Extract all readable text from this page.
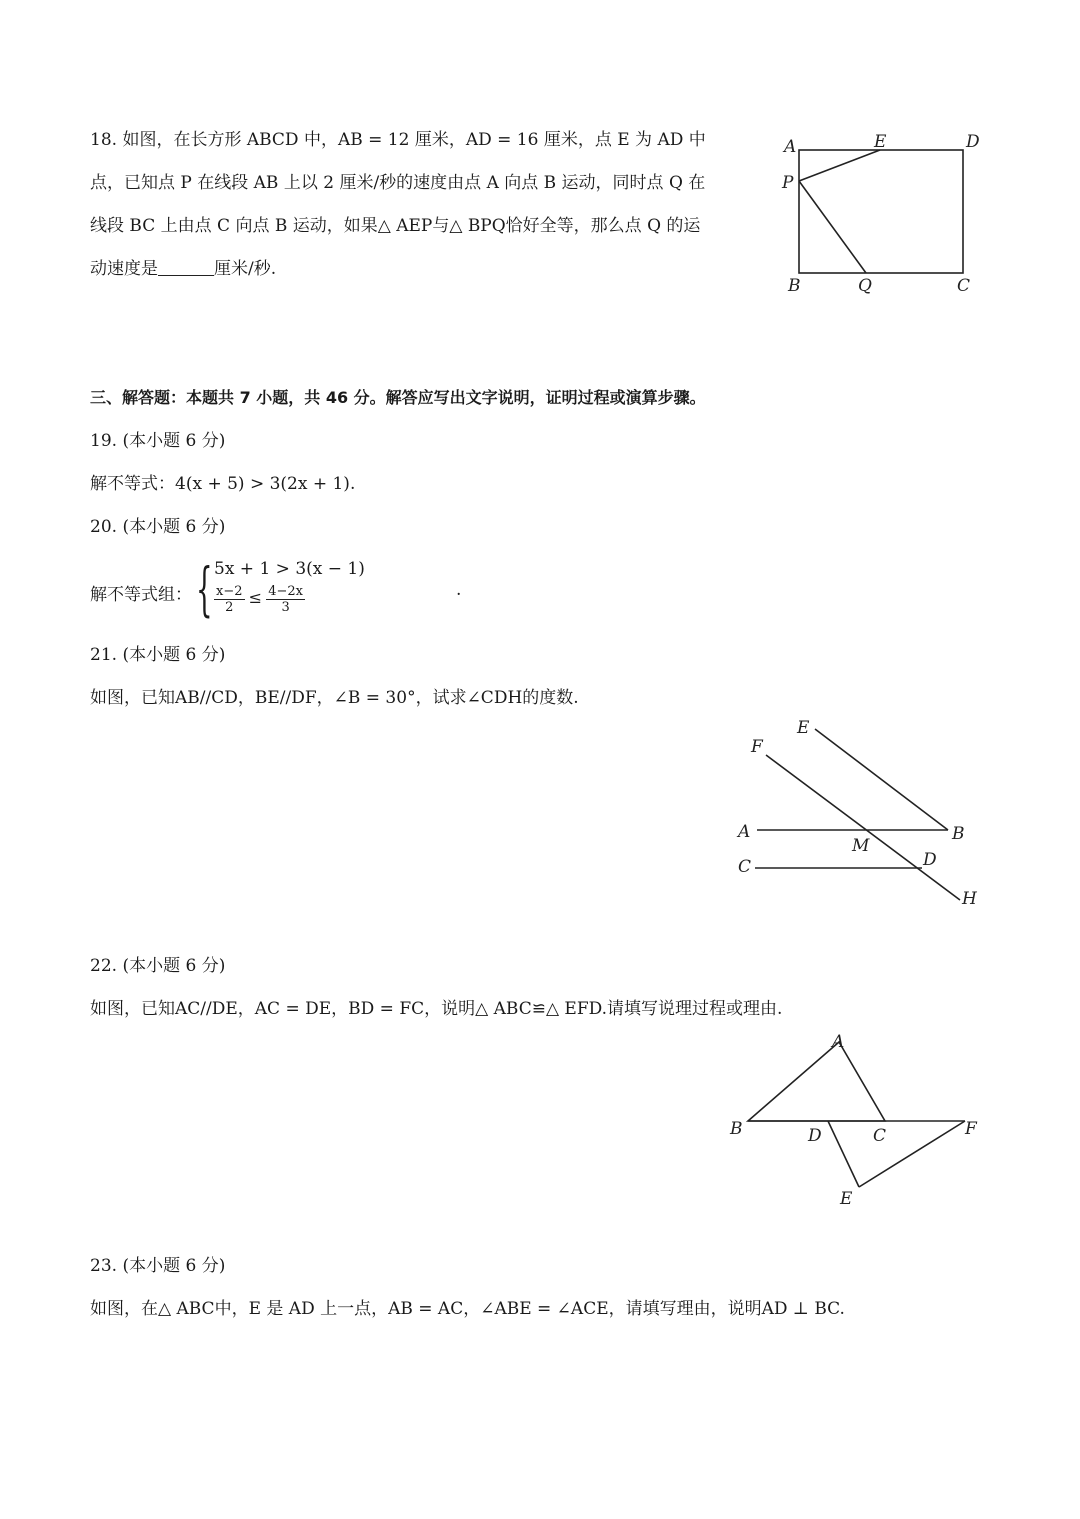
18. 如图，在长方形 ABCD 中，AB = 12 厘米，AD = 16 厘米，点 E 为 AD 中
点，已知点 P 在线段 AB 上以 2 厘米/秒的速度由点 A 向点 B 运动，同时点 Q 在
线段 BC 上由点 C 向点 B 运动，如果△ AEP与△ BPQ恰好全等，那么点 Q 的运
动速度是	厘米/秒.
A	E	D
P
B	Q	C
三、解答题：本题共 7 小题，共 46 分。解答应写出文字说明，证明过程或演算步骤。
19. (本小题 6 分)
解不等式：4(x + 5) > 3(2x + 1).
20. (本小题 6 分)
解不等式组： { 5x + 1 > 3(x − 1)
$\frac{x-2}{2} \le \frac{4-2x}{3}$	.
21. (本小题 6 分)
如图，已知AB//CD，BE//DF，∠B = 30°，试求∠CDH的度数.
E
F
A	B
M
C	D
H
22. (本小题 6 分)
如图，已知AC//DE，AC = DE，BD = FC，说明△ ABC≌△ EFD.请填写说理过程或理由.
A
B	D	C	F
E
23. (本小题 6 分)
如图，在△ ABC中，E 是 AD 上一点，AB = AC，∠ABE = ∠ACE，请填写理由，说明AD ⊥ BC.
